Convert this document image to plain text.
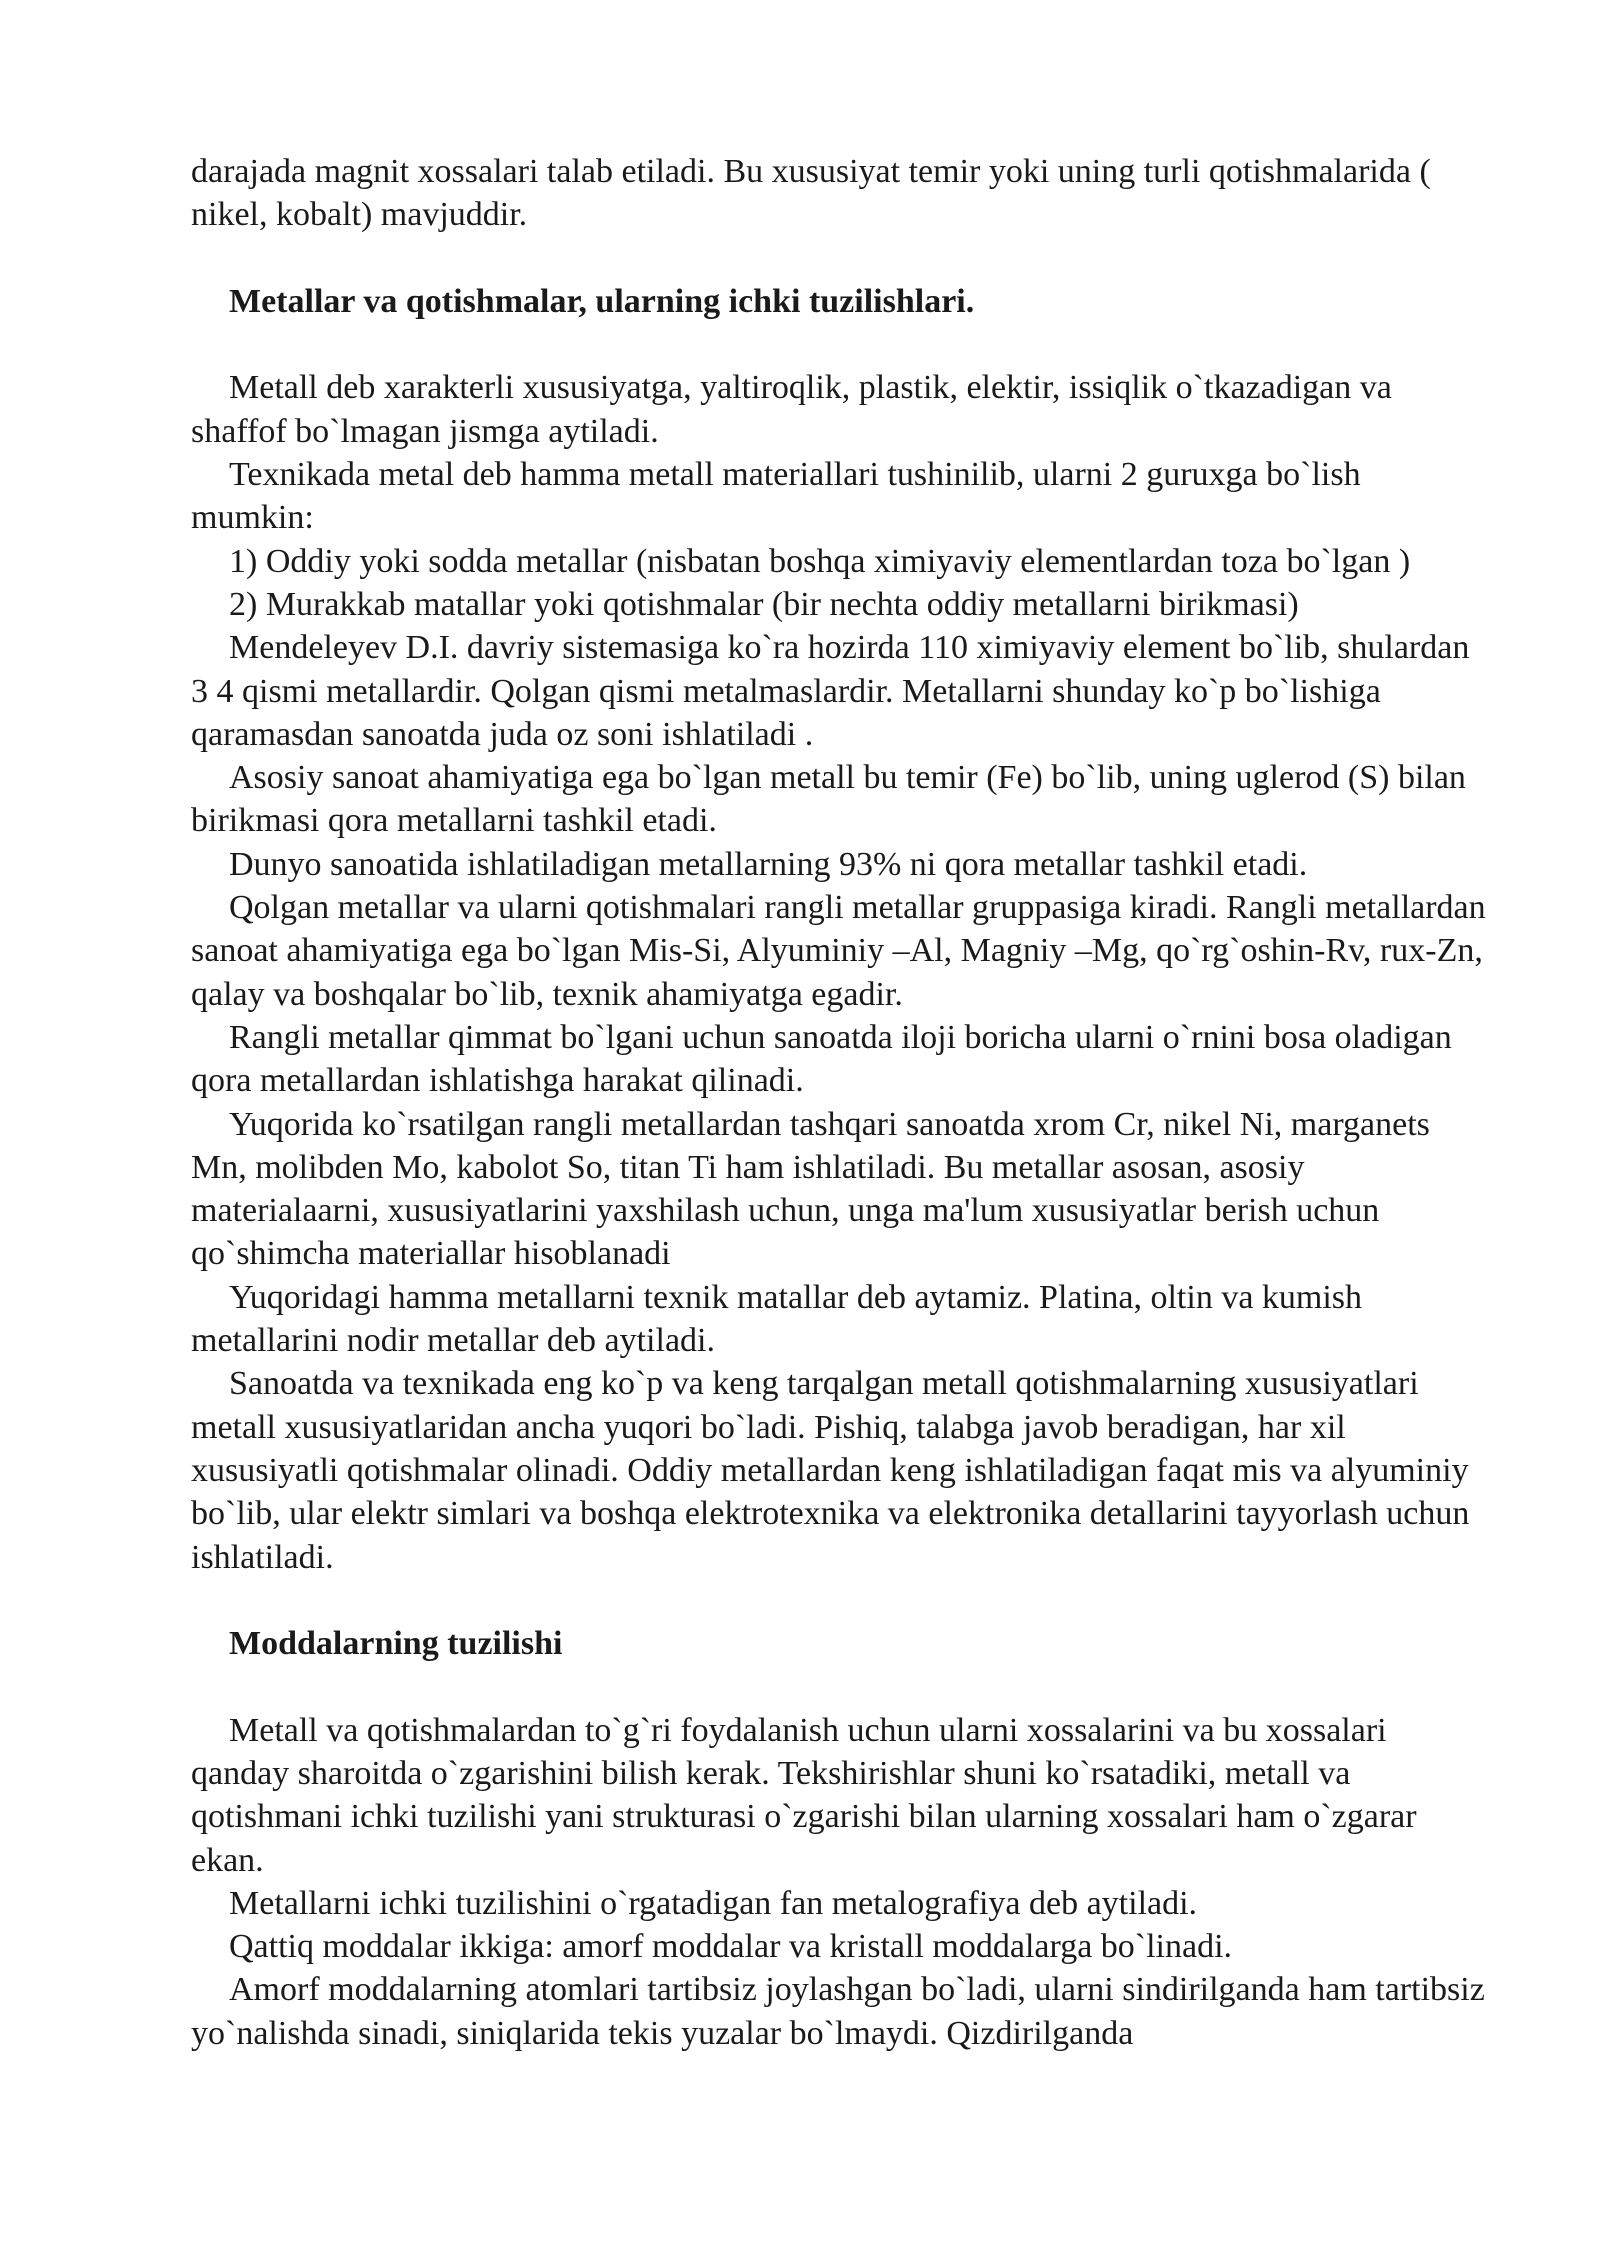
darajada magnit xossalari talab etiladi. Bu xususiyat temir yoki uning turli qotishmalarida ( nikel, kobalt) mavjuddir.

Metallar va qotishmalar, ularning ichki tuzilishlari.

Metall deb xarakterli xususiyatga, yaltiroqlik, plastik, elektir, issiqlik o`tkazadigan va shaffof bo`lmagan jismga aytiladi.

Texnikada metal deb hamma metall materiallari tushinilib, ularni 2 guruxga bo`lish mumkin:

1) Oddiy yoki sodda metallar (nisbatan boshqa ximiyaviy elementlardan toza bo`lgan )

2) Murakkab matallar yoki qotishmalar (bir nechta oddiy metallarni birikmasi)

Mendeleyev D.I. davriy sistemasiga ko`ra hozirda 110 ximiyaviy element bo`lib, shulardan 3 4 qismi metallardir. Qolgan qismi metalmaslardir. Metallarni shunday ko`p bo`lishiga qaramasdan sanoatda juda oz soni ishlatiladi .

Asosiy sanoat ahamiyatiga ega bo`lgan metall bu temir (Fe) bo`lib, uning uglerod (S) bilan birikmasi qora metallarni tashkil etadi.

Dunyo sanoatida ishlatiladigan metallarning 93% ni qora metallar tashkil etadi.

Qolgan metallar va ularni qotishmalari rangli metallar gruppasiga kiradi. Rangli metallardan sanoat ahamiyatiga ega bo`lgan Mis-Si, Alyuminiy –Al, Magniy –Mg, qo`rg`oshin-Rv, rux-Zn, qalay va boshqalar bo`lib, texnik ahamiyatga egadir.

Rangli metallar qimmat bo`lgani uchun sanoatda iloji boricha ularni o`rnini bosa oladigan qora metallardan ishlatishga harakat qilinadi.

Yuqorida ko`rsatilgan rangli metallardan tashqari sanoatda xrom Cr, nikel Ni, marganets Mn, molibden Mo, kabolot So, titan Ti ham ishlatiladi. Bu metallar asosan, asosiy materialaarni, xususiyatlarini yaxshilash uchun, unga ma'lum xususiyatlar berish uchun qo`shimcha materiallar hisoblanadi

Yuqoridagi hamma metallarni texnik matallar deb aytamiz. Platina, oltin va kumish metallarini nodir metallar deb aytiladi.

Sanoatda va texnikada eng ko`p va keng tarqalgan metall qotishmalarning xususiyatlari metall xususiyatlaridan ancha yuqori bo`ladi. Pishiq, talabga javob beradigan, har xil xususiyatli qotishmalar olinadi. Oddiy metallardan keng ishlatiladigan faqat mis va alyuminiy bo`lib, ular elektr simlari va boshqa elektrotexnika va elektronika detallarini tayyorlash uchun ishlatiladi.

Moddalarning tuzilishi

Metall va qotishmalardan to`g`ri foydalanish uchun ularni xossalarini va bu xossalari qanday sharoitda o`zgarishini bilish kerak. Tekshirishlar shuni ko`rsatadiki, metall va qotishmani ichki tuzilishi yani strukturasi o`zgarishi bilan ularning xossalari ham o`zgarar ekan.

Metallarni ichki tuzilishini o`rgatadigan fan metalografiya deb aytiladi.

Qattiq moddalar ikkiga: amorf moddalar va kristall moddalarga bo`linadi.

Amorf moddalarning atomlari tartibsiz joylashgan bo`ladi, ularni sindirilganda ham tartibsiz yo`nalishda sinadi, siniqlarida tekis yuzalar bo`lmaydi. Qizdirilganda
